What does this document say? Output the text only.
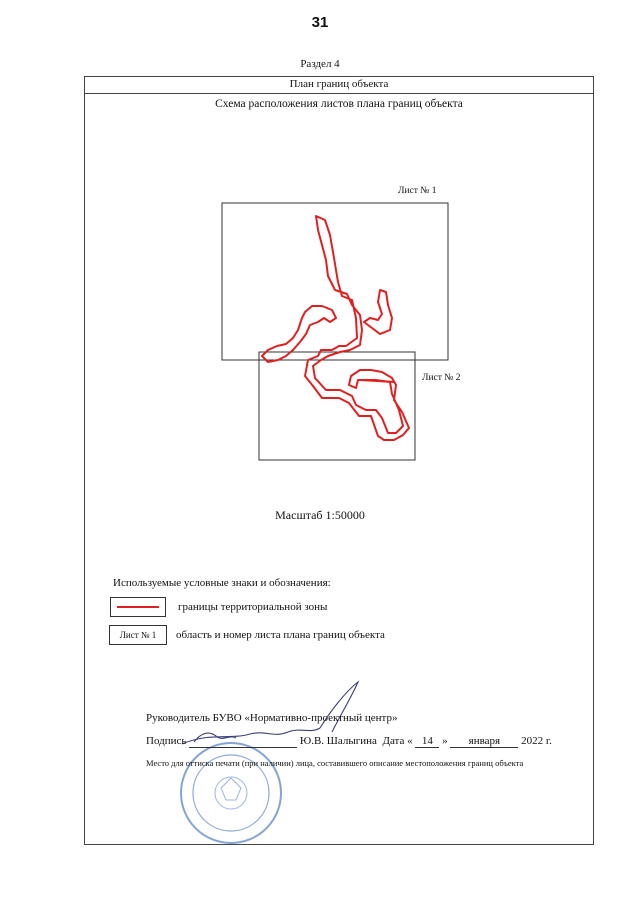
31
Раздел 4
План границ объекта
Схема расположения листов плана границ объекта
Лист № 1
Лист № 2
Масштаб 1:50000
Используемые условные знаки и обозначения:
границы территориальной зоны
Лист № 1	область и номер листа плана границ объекта
Руководитель БУВО «Нормативно-проектный центр»
Подпись	Ю.В. Шалыгина Дата « 14 » января 2022 г.
Место для оттиска печати (при наличии) лица, составившего описание местоположения границ объекта
